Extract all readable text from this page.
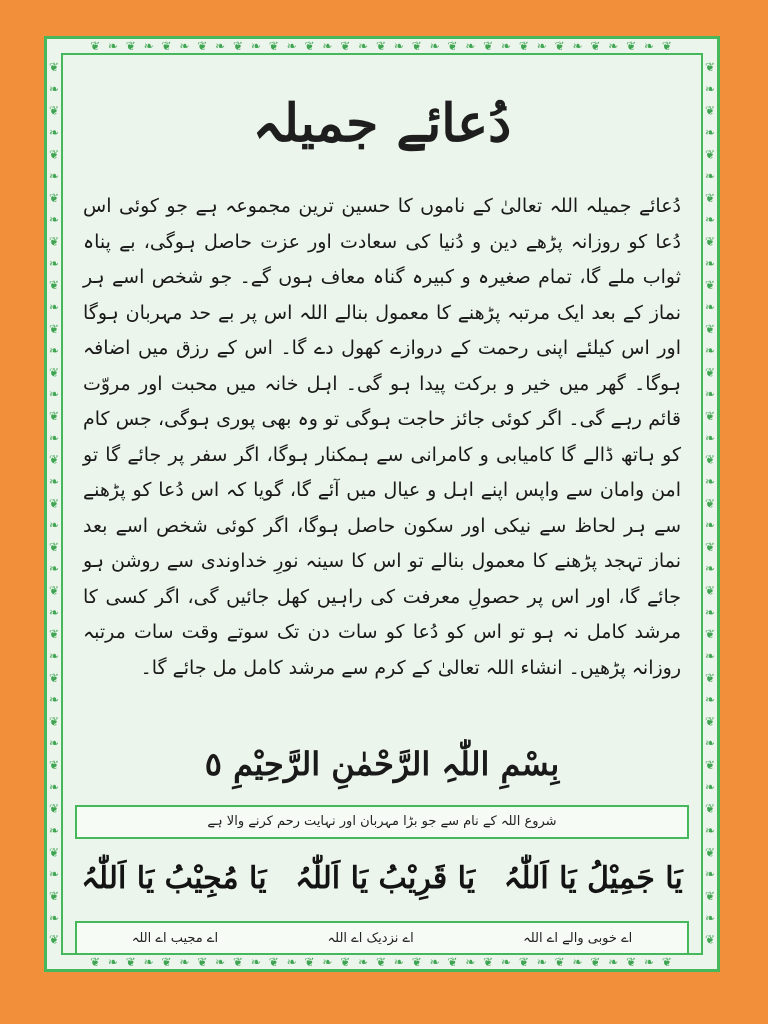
❦ ❧ ❦ ❧ ❦ ❧ ❦ ❧ ❦ ❧ ❦ ❧ ❦ ❧ ❦ ❧ ❦ ❧ ❦ ❧ ❦ ❧ ❦ ❧ ❦ ❧ ❦ ❧ ❦ ❧ ❦ ❧ ❦
❦ ❧ ❦ ❧ ❦ ❧ ❦ ❧ ❦ ❧ ❦ ❧ ❦ ❧ ❦ ❧ ❦ ❧ ❦ ❧ ❦ ❧ ❦ ❧ ❦ ❧ ❦ ❧ ❦ ❧ ❦ ❧ ❦
❦ ❧ ❦ ❧ ❦ ❧ ❦ ❧ ❦ ❧ ❦ ❧ ❦ ❧ ❦ ❧ ❦ ❧ ❦ ❧ ❦ ❧ ❦ ❧ ❦ ❧ ❦ ❧ ❦ ❧ ❦ ❧ ❦ ❧ ❦ ❧ ❦ ❧ ❦ ❧ ❦	❦ ❧ ❦ ❧ ❦ ❧ ❦ ❧ ❦ ❧ ❦ ❧ ❦ ❧ ❦ ❧ ❦ ❧ ❦ ❧ ❦ ❧ ❦ ❧ ❦ ❧ ❦ ❧ ❦ ❧ ❦ ❧ ❦ ❧ ❦ ❧ ❦ ❧ ❦ ❧ ❦
دُعائے جمیلہ
دُعائے جمیلہ اللہ تعالیٰ کے ناموں کا حسین ترین مجموعہ ہے جو کوئی اس دُعا کو روزانہ پڑھے دین و دُنیا کی سعادت اور عزت حاصل ہوگی، بے پناہ ثواب ملے گا، تمام صغیرہ و کبیرہ گناہ معاف ہوں گے۔ جو شخص اسے ہر نماز کے بعد ایک مرتبہ پڑھنے کا معمول بنالے اللہ اس پر بے حد مہربان ہوگا اور اس کیلئے اپنی رحمت کے دروازے کھول دے گا۔ اس کے رزق میں اضافہ ہوگا۔ گھر میں خیر و برکت پیدا ہو گی۔ اہل خانہ میں محبت اور مروّت قائم رہے گی۔ اگر کوئی جائز حاجت ہوگی تو وہ بھی پوری ہوگی، جس کام کو ہاتھ ڈالے گا کامیابی و کامرانی سے ہمکنار ہوگا، اگر سفر پر جائے گا تو امن وامان سے واپس اپنے اہل و عیال میں آئے گا، گویا کہ اس دُعا کو پڑھنے سے ہر لحاظ سے نیکی اور سکون حاصل ہوگا، اگر کوئی شخص اسے بعد نماز تہجد پڑھنے کا معمول بنالے تو اس کا سینہ نورِ خداوندی سے روشن ہو جائے گا، اور اس پر حصولِ معرفت کی راہیں کھل جائیں گی، اگر کسی کا مرشد کامل نہ ہو تو اس کو دُعا کو سات دن تک سوتے وقت سات مرتبہ روزانہ پڑھیں۔ انشاء اللہ تعالیٰ کے کرم سے مرشد کامل مل جائے گا۔
بِسْمِ اللّٰہِ الرَّحْمٰنِ الرَّحِیْمِ ٥
شروع اللہ کے نام سے جو بڑا مہربان اور نہایت رحم کرنے والا ہے
یَا جَمِیْلُ یَا اَللّٰہُ
یَا قَرِیْبُ یَا اَللّٰہُ
یَا مُجِیْبُ یَا اَللّٰہُ
اے خوبی والے اے اللہ
اے نزدیک اے اللہ
اے مجیب اے اللہ
